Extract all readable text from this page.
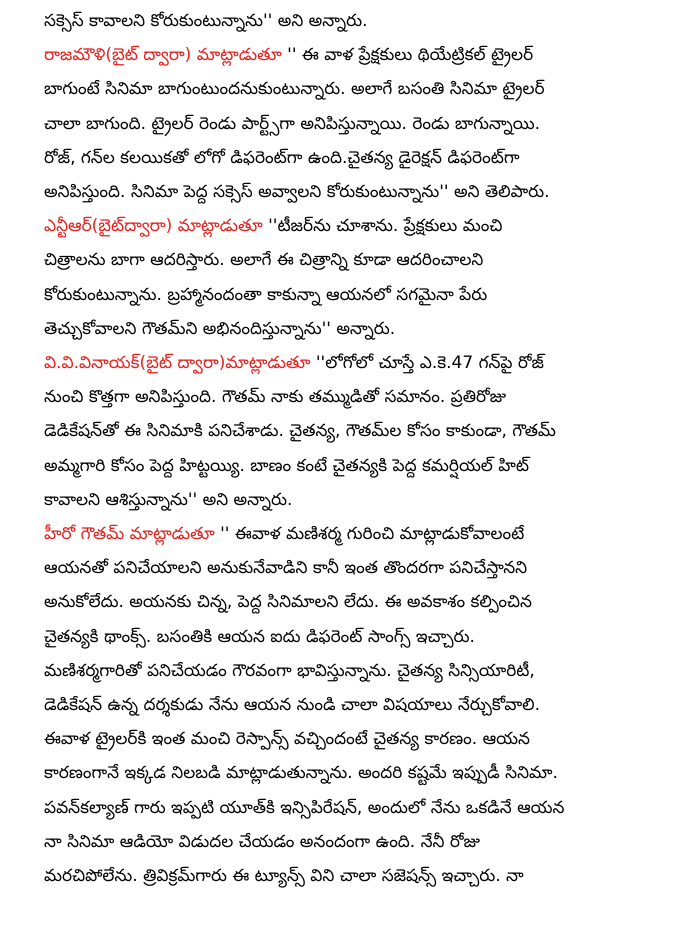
సక్సెస్ కావాలని కోరుకుంటున్నాను'' అని అన్నారు.
రాజమౌళి(బైట్ ద్వారా) మాట్లాడుతూ '' ఈ వాళ ప్రేక్షకులు థియేట్రికల్ ట్రైలర్
బాగుంటే సినిమా బాగుంటుందనుకుంటున్నారు. అలాగే బసంతి సినిమా ట్రైలర్
చాలా బాగుంది. ట్రైలర్ రెండు పార్ట్స్‌గా అనిపిస్తున్నాయి. రెండు బాగున్నాయి.
రోజ్, గన్‌ల కలయికతో లోగో డిఫరెంట్‌గా ఉంది.చైతన్య డైరెక్షన్ డిఫరెంట్‌గా
అనిపిస్తుంది. సినిమా పెద్ద సక్సెస్ అవ్వాలని కోరుకుంటున్నాను'' అని తెలిపారు.
ఎన్టీఆర్(బైట్‌ద్వారా) మాట్లాడుతూ ''టీజర్‌ను చూశాను. ప్రేక్షకులు మంచి
చిత్రాలను బాగా ఆదరిస్తారు. అలాగే ఈ చిత్రాన్ని కూడా ఆదరించాలని
కోరుకుంటున్నాను. బ్రహ్మానందంతా కాకున్నా ఆయనలో సగమైనా పేరు
తెచ్చుకోవాలని గౌతమ్‌ని అభినందిస్తున్నాను'' అన్నారు.
వి.వి.వినాయక్(బైట్ ద్వారా)మాట్లాడుతూ ''లోగోలో చూస్తే ఎ.కె.47 గన్‌పై రోజ్
నుంచి కొత్తగా అనిపిస్తుంది. గౌతమ్ నాకు తమ్ముడితో సమానం. ప్రతిరోజు
డెడికేషన్‌తో ఈ సినిమాకి పనిచేశాడు. చైతన్య, గౌతమ్‌ల కోసం కాకుండా, గౌతమ్
అమ్మగారి కోసం పెద్ద హిట్టయ్యి. బాణం కంటే చైతన్యకి పెద్ద కమర్షియల్ హిట్
కావాలని ఆశిస్తున్నాను'' అని అన్నారు.
హీరో గౌతమ్ మాట్లాడుతూ '' ఈవాళ మణిశర్మ గురించి మాట్లాడుకోవాలంటే
ఆయనతో పనిచేయాలని అనుకునేవాడిని కానీ ఇంత తొందరగా పనిచేస్తానని
అనుకోలేదు. అయనకు చిన్న, పెద్ద సినిమాలని లేదు. ఈ అవకాశం కల్పించిన
చైతన్యకి థాంక్స్. బసంతికి ఆయన ఐదు డిఫరెంట్ సాంగ్స్ ఇచ్చారు.
మణిశర్మగారితో పనిచేయడం గౌరవంగా భావిస్తున్నాను. చైతన్య సిన్సియారిటీ,
డెడికేషన్ ఉన్న దర్శకుడు నేను ఆయన నుండి చాలా విషయాలు నేర్చుకోవాలి.
ఈవాళ ట్రైలర్‌కి ఇంత మంచి రెస్పాన్స్ వచ్చిందంటే చైతన్య కారణం. ఆయన
కారణంగానే ఇక్కడ నిలబడి మాట్లాడుతున్నాను. అందరి కష్టమే ఇప్పుడీ సినిమా.
పవన్‌కల్యాణ్ గారు ఇప్పటి యూత్‌కి ఇన్సిపిరేషన్, అందులో నేను ఒకడినే ఆయన
నా సినిమా ఆడియో విడుదల చేయడం అనందంగా ఉంది. నేనీ రోజు
మరచిపోలేను. త్రివిక్రమ్‌గారు ఈ ట్యూన్స్ విని చాలా సజెషన్స్ ఇచ్చారు. నా
